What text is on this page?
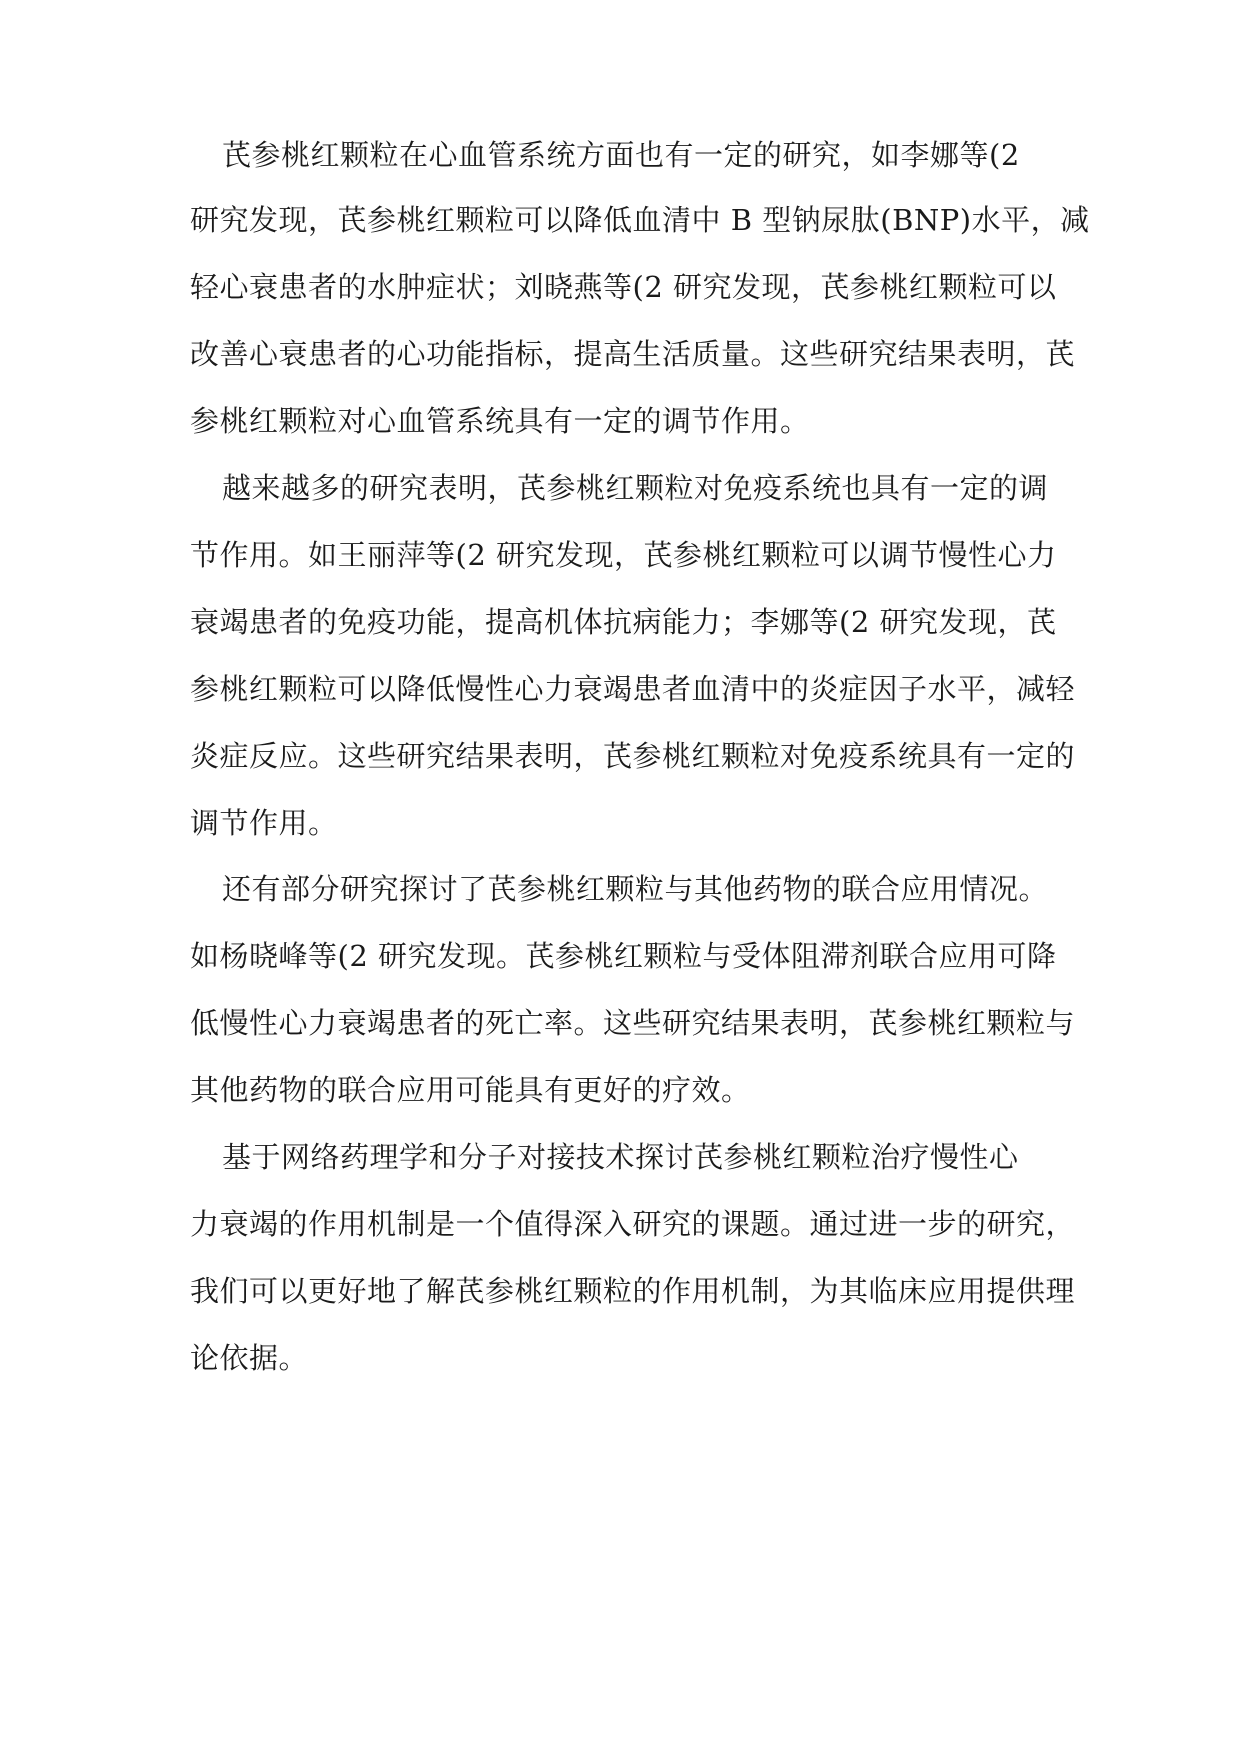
芪参桃红颗粒在心血管系统方面也有一定的研究，如李娜等(2

研究发现，芪参桃红颗粒可以降低血清中 B 型钠尿肽(BNP)水平，减

轻心衰患者的水肿症状；刘晓燕等(2 研究发现，芪参桃红颗粒可以

改善心衰患者的心功能指标，提高生活质量。这些研究结果表明，芪

参桃红颗粒对心血管系统具有一定的调节作用。

越来越多的研究表明，芪参桃红颗粒对免疫系统也具有一定的调

节作用。如王丽萍等(2 研究发现，芪参桃红颗粒可以调节慢性心力

衰竭患者的免疫功能，提高机体抗病能力；李娜等(2 研究发现，芪

参桃红颗粒可以降低慢性心力衰竭患者血清中的炎症因子水平，减轻

炎症反应。这些研究结果表明，芪参桃红颗粒对免疫系统具有一定的

调节作用。

还有部分研究探讨了芪参桃红颗粒与其他药物的联合应用情况。

如杨晓峰等(2 研究发现。芪参桃红颗粒与受体阻滞剂联合应用可降

低慢性心力衰竭患者的死亡率。这些研究结果表明，芪参桃红颗粒与

其他药物的联合应用可能具有更好的疗效。

基于网络药理学和分子对接技术探讨芪参桃红颗粒治疗慢性心

力衰竭的作用机制是一个值得深入研究的课题。通过进一步的研究，

我们可以更好地了解芪参桃红颗粒的作用机制，为其临床应用提供理

论依据。
